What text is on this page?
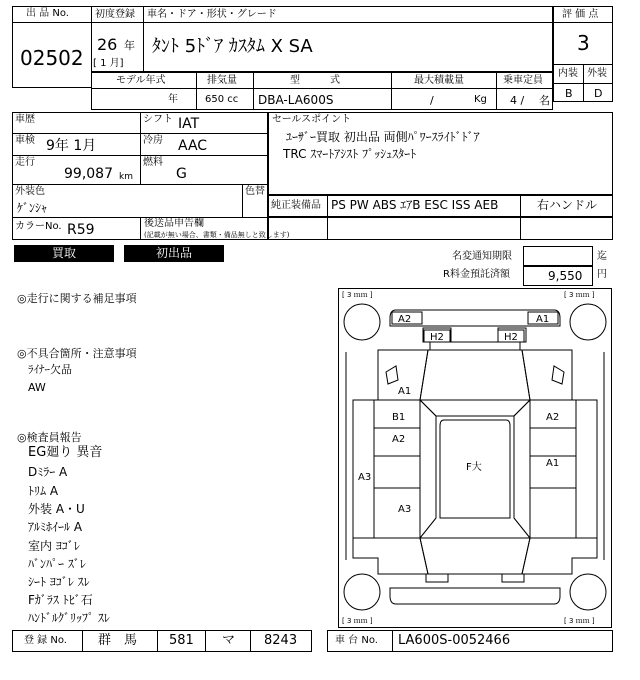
出 品 No.
02502
初度登録 車名・ドア・形状・グレード
26 年
[ 1 月]
ﾀﾝﾄ 5ﾄﾞｱ ｶｽﾀﾑ X SA
評 価 点
3
内装 外装
B D
モデル年式	排気量	型　　　式	最大積載量	乗車定員
年	650 cc DBA-LA600S	/	Kg 4 / 名
車歴	シフト IAT
車検 9年 1月	冷房 AAC
走行
99,087 km
燃料
G
外装色
ｹﾞﾝｼｬ
色替
カラーNo. R59	後送品申告欄
(記載が無い場合、書類・備品無しと致します)
セールスポイント
ﾕｰｻﾞｰ買取 初出品 両側ﾊﾟﾜｰｽﾗｲﾄﾞﾄﾞｱ
TRC ｽﾏｰﾄｱｼｽﾄ ﾌﾟｯｼｭｽﾀｰﾄ
純正装備品 PS PW ABS ｴｱB ESC ISS AEB	右ハンドル
買取	初出品	名変通知期限	迄
R料金預託済額	9,550 円
◎走行に関する補足事項
◎不具合箇所・注意事項
ﾗｲﾅｰ欠品
AW
◎検査員報告
EG廻り 異音
Dﾐﾗｰ A
ﾄﾘﾑ A
外装 A・U
ｱﾙﾐﾎｲｰﾙ A
室内 ﾖｺﾞﾚ
ﾊﾞﾝﾊﾟｰ ｽﾞﾚ
ｼｰﾄ ﾖｺﾞﾚ ｽﾚ
Fｶﾞﾗｽ ﾄﾋﾞ石
ﾊﾝﾄﾞﾙｸﾞﾘｯﾌﾟ ｽﾚ
[ 3 ｍｍ ]	[ 3 ｍｍ ]
[ 3 ｍｍ ]	[ 3 ｍｍ ]
A2	A1
H2	H2
A1
B1
A2
A2
A3
F大	A1
A3
登 録 No. 群　馬 581 マ 8243	車 台 No. LA600S-0052466
